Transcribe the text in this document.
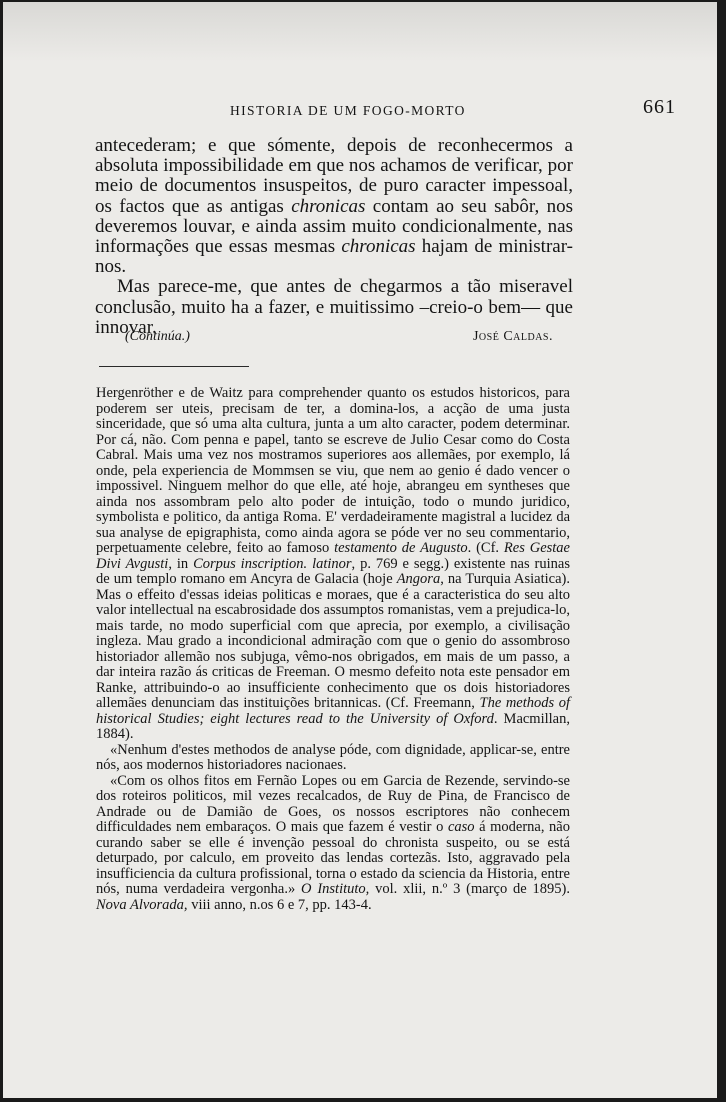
HISTORIA DE UM FOGO-MORTO	661

antecederam; e que sómente, depois de reconhecermos a absoluta impossibilidade em que nos achamos de verificar, por meio de documentos insuspeitos, de puro caracter impessoal, os factos que as antigas chronicas contam ao seu sabôr, nos deveremos louvar, e ainda assim muito condicionalmente, nas informações que essas mesmas chronicas hajam de ministrar-nos.

Mas parece-me, que antes de chegarmos a tão miseravel conclusão, muito ha a fazer, e muitissimo –creio-o bem— que innovar.

(Continúa.)	José Caldas.

Hergenröther e de Waitz para comprehender quanto os estudos historicos, para poderem ser uteis, precisam de ter, a domina-los, a acção de uma justa sinceridade, que só uma alta cultura, junta a um alto caracter, podem determinar. Por cá, não. Com penna e papel, tanto se escreve de Julio Cesar como do Costa Cabral. Mais uma vez nos mostramos superiores aos allemães, por exemplo, lá onde, pela experiencia de Mommsen se viu, que nem ao genio é dado vencer o impossivel. Ninguem melhor do que elle, até hoje, abrangeu em syntheses que ainda nos assombram pelo alto poder de intuição, todo o mundo juridico, symbolista e politico, da antiga Roma. E' verdadeiramente magistral a lucidez da sua analyse de epigraphista, como ainda agora se póde ver no seu commentario, perpetuamente celebre, feito ao famoso testamento de Augusto. (Cf. Res Gestae Divi Avgusti, in Corpus inscription. latinor, p. 769 e segg.) existente nas ruinas de um templo romano em Ancyra de Galacia (hoje Angora, na Turquia Asiatica). Mas o effeito d'essas ideias politicas e moraes, que é a caracteristica do seu alto valor intellectual na escabrosidade dos assumptos romanistas, vem a prejudica-lo, mais tarde, no modo superficial com que aprecia, por exemplo, a civilisação ingleza. Mau grado a incondicional admiração com que o genio do assombroso historiador allemão nos subjuga, vêmo-nos obrigados, em mais de um passo, a dar inteira razão ás criticas de Freeman. O mesmo defeito nota este pensador em Ranke, attribuindo-o ao insufficiente conhecimento que os dois historiadores allemães denunciam das instituições britannicas. (Cf. Freemann, The methods of historical Studies; eight lectures read to the University of Oxford. Macmillan, 1884).

«Nenhum d'estes methodos de analyse póde, com dignidade, applicar-se, entre nós, aos modernos historiadores nacionaes.

«Com os olhos fitos em Fernão Lopes ou em Garcia de Rezende, servindo-se dos roteiros politicos, mil vezes recalcados, de Ruy de Pina, de Francisco de Andrade ou de Damião de Goes, os nossos escriptores não conhecem difficuldades nem embaraços. O mais que fazem é vestir o caso á moderna, não curando saber se elle é invenção pessoal do chronista suspeito, ou se está deturpado, por calculo, em proveito das lendas cortezãs. Isto, aggravado pela insufficiencia da cultura profissional, torna o estado da sciencia da Historia, entre nós, numa verdadeira vergonha.» O Instituto, vol. xlii, n.º 3 (março de 1895). Nova Alvorada, viii anno, n.os 6 e 7, pp. 143-4.
